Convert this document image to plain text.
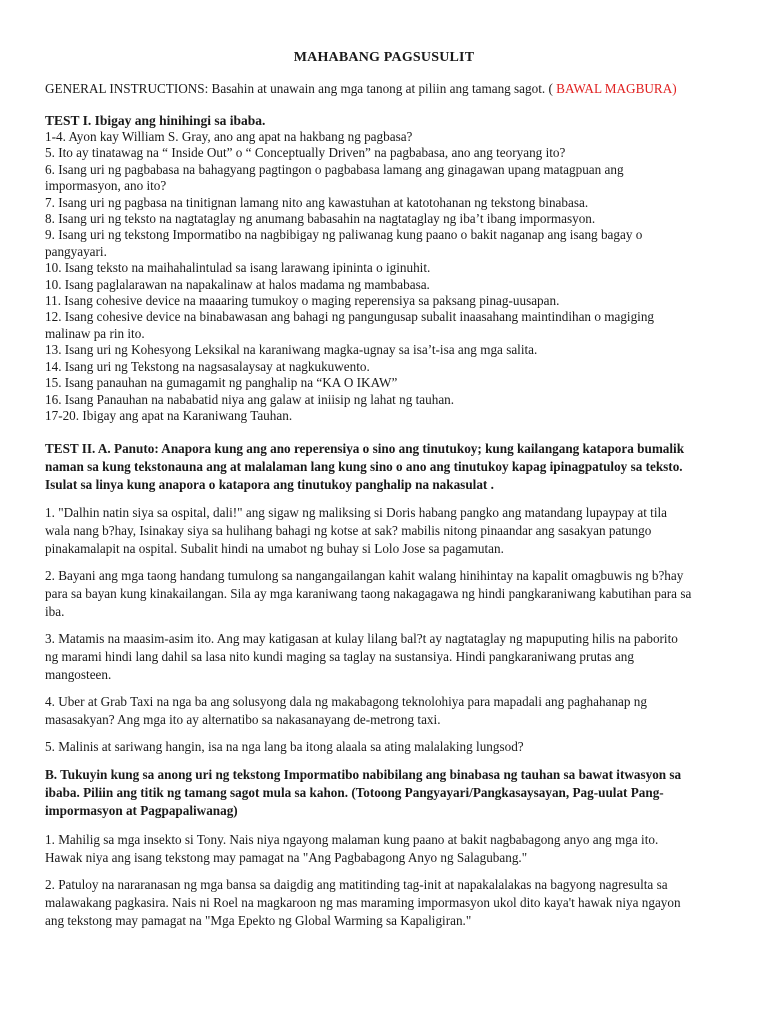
MAHABANG PAGSUSULIT
GENERAL INSTRUCTIONS: Basahin at unawain ang mga tanong at piliin ang tamang sagot. ( BAWAL MAGBURA)
TEST I. Ibigay ang hinihingi sa ibaba.
1-4. Ayon kay William S. Gray, ano ang apat na hakbang ng pagbasa?
5. Ito ay tinatawag na “ Inside Out” o “ Conceptually Driven” na pagbabasa, ano ang teoryang ito?
6. Isang uri ng pagbabasa na bahagyang pagtingon o pagbabasa lamang ang ginagawan upang matagpuan ang
impormasyon, ano ito?
7. Isang uri ng pagbasa na tinitignan lamang nito ang kawastuhan at katotohanan ng tekstong binabasa.
8. Isang uri ng teksto na nagtataglay ng anumang babasahin na nagtataglay ng iba’t ibang impormasyon.
9. Isang uri ng tekstong Impormatibo na nagbibigay ng paliwanag kung paano o bakit naganap ang isang bagay o
pangyayari.
10. Isang teksto na maihahalintulad sa isang larawang ipininta o iginuhit.
10. Isang paglalarawan na napakalinaw at halos madama ng mambabasa.
11. Isang cohesive device na maaaring tumukoy o maging reperensiya sa paksang pinag-uusapan.
12. Isang cohesive device na binabawasan ang bahagi ng pangungusap subalit inaasahang maintindihan o magiging
malinaw pa rin ito.
13. Isang uri ng Kohesyong Leksikal na karaniwang magka-ugnay sa isa’t-isa ang mga salita.
14. Isang uri ng Tekstong na nagsasalaysay at nagkukuwento.
15. Isang panauhan na gumagamit ng panghalip na “KA O IKAW”
16. Isang Panauhan na nababatid niya ang galaw at iniisip ng lahat ng tauhan.
17-20. Ibigay ang apat na Karaniwang Tauhan.
TEST II. A. Panuto: Anapora kung ang ano reperensiya o sino ang tinutukoy; kung kailangang katapora bumalik
naman sa kung tekstonauna ang at malalaman lang kung sino o ano ang tinutukoy kapag ipinagpatuloy sa teksto.
Isulat sa linya kung anapora o katapora ang tinutukoy panghalip na nakasulat .
1. "Dalhin natin siya sa ospital, dali!" ang sigaw ng maliksing si Doris habang pangko ang matandang lupaypay at tila
wala nang b?hay, Isinakay siya sa hulihang bahagi ng kotse at sak? mabilis nitong pinaandar ang sasakyan patungo
pinakamalapit na ospital. Subalit hindi na umabot ng buhay si Lolo Jose sa pagamutan.
2. Bayani ang mga taong handang tumulong sa nangangailangan kahit walang hinihintay na kapalit omagbuwis ng b?hay
para sa bayan kung kinakailangan. Sila ay mga karaniwang taong nakagagawa ng hindi pangkaraniwang kabutihan para sa
iba.
3. Matamis na maasim-asim ito. Ang may katigasan at kulay lilang bal?t ay nagtataglay ng mapuputing hilis na paborito
ng marami hindi lang dahil sa lasa nito kundi maging sa taglay na sustansiya. Hindi pangkaraniwang prutas ang
mangosteen.
4. Uber at Grab Taxi na nga ba ang solusyong dala ng makabagong teknolohiya para mapadali ang paghahanap ng
masasakyan? Ang mga ito ay alternatibo sa nakasanayang de-metrong taxi.
5. Malinis at sariwang hangin, isa na nga lang ba itong alaala sa ating malalaking lungsod?
B. Tukuyin kung sa anong uri ng tekstong Impormatibo nabibilang ang binabasa ng tauhan sa bawat itwasyon sa
ibaba. Piliin ang titik ng tamang sagot mula sa kahon. (Totoong Pangyayari/Pangkasaysayan, Pag-uulat Pang-
impormasyon at Pagpapaliwanag)
1. Mahilig sa mga insekto si Tony. Nais niya ngayong malaman kung paano at bakit nagbabagong anyo ang mga ito.
Hawak niya ang isang tekstong may pamagat na "Ang Pagbabagong Anyo ng Salagubang."
2. Patuloy na nararanasan ng mga bansa sa daigdig ang matitinding tag-init at napakalalakas na bagyong nagresulta sa
malawakang pagkasira. Nais ni Roel na magkaroon ng mas maraming impormasyon ukol dito kaya't hawak niya ngayon
ang tekstong may pamagat na "Mga Epekto ng Global Warming sa Kapaligiran."
